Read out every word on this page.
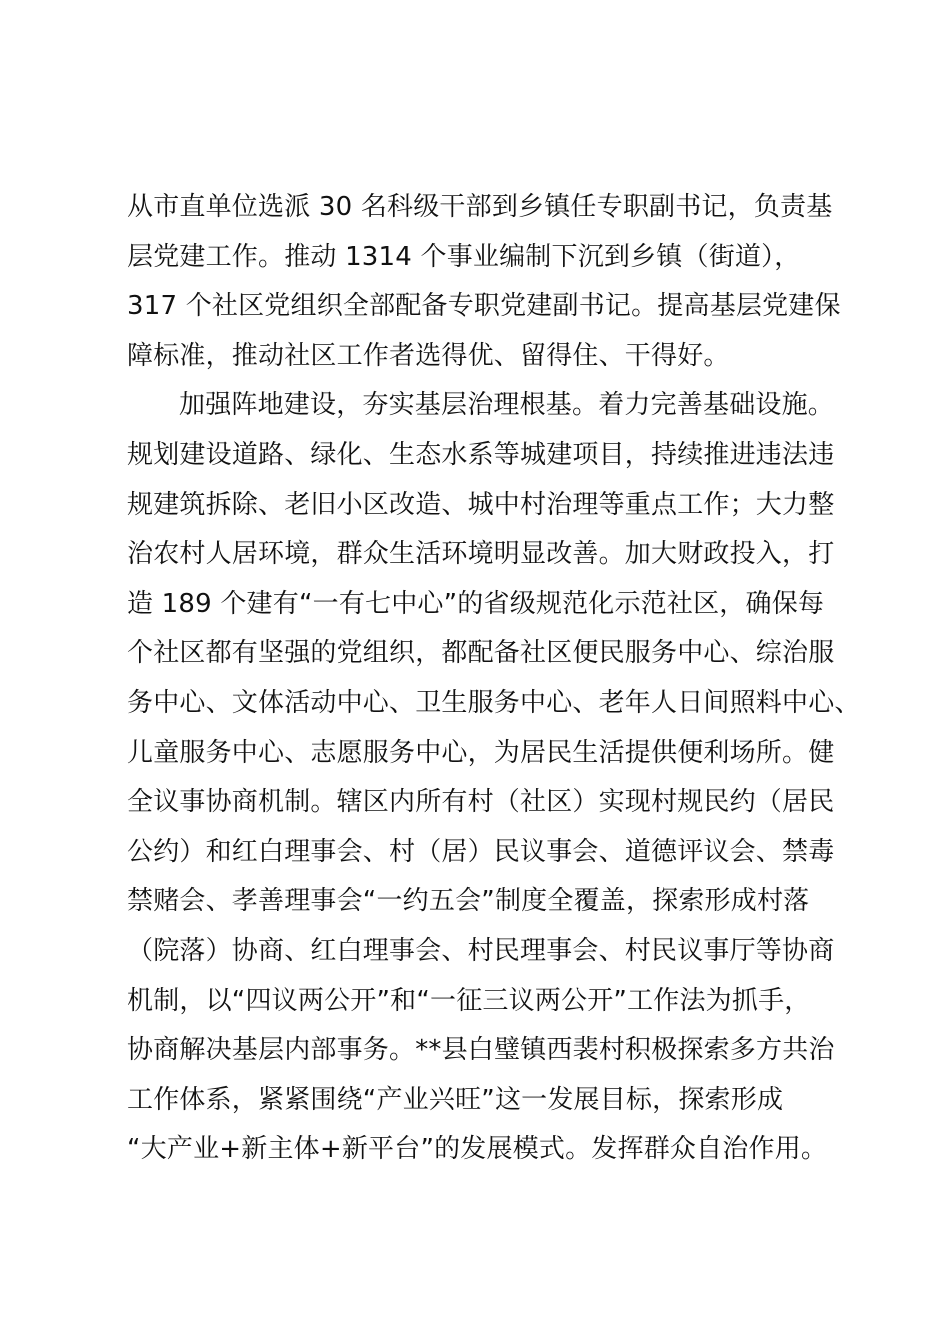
从市直单位选派 30 名科级干部到乡镇任专职副书记，负责基
层党建工作。推动 1314 个事业编制下沉到乡镇（街道），
317 个社区党组织全部配备专职党建副书记。提高基层党建保
障标准，推动社区工作者选得优、留得住、干得好。
加强阵地建设，夯实基层治理根基。着力完善基础设施。
规划建设道路、绿化、生态水系等城建项目，持续推进违法违
规建筑拆除、老旧小区改造、城中村治理等重点工作；大力整
治农村人居环境，群众生活环境明显改善。加大财政投入，打
造 189 个建有“一有七中心”的省级规范化示范社区，确保每
个社区都有坚强的党组织，都配备社区便民服务中心、综治服
务中心、文体活动中心、卫生服务中心、老年人日间照料中心、
儿童服务中心、志愿服务中心，为居民生活提供便利场所。健
全议事协商机制。辖区内所有村（社区）实现村规民约（居民
公约）和红白理事会、村（居）民议事会、道德评议会、禁毒
禁赌会、孝善理事会“一约五会”制度全覆盖，探索形成村落
（院落）协商、红白理事会、村民理事会、村民议事厅等协商
机制，以“四议两公开”和“一征三议两公开”工作法为抓手，
协商解决基层内部事务。**县白璧镇西裴村积极探索多方共治
工作体系，紧紧围绕“产业兴旺”这一发展目标，探索形成
“大产业+新主体+新平台”的发展模式。发挥群众自治作用。
